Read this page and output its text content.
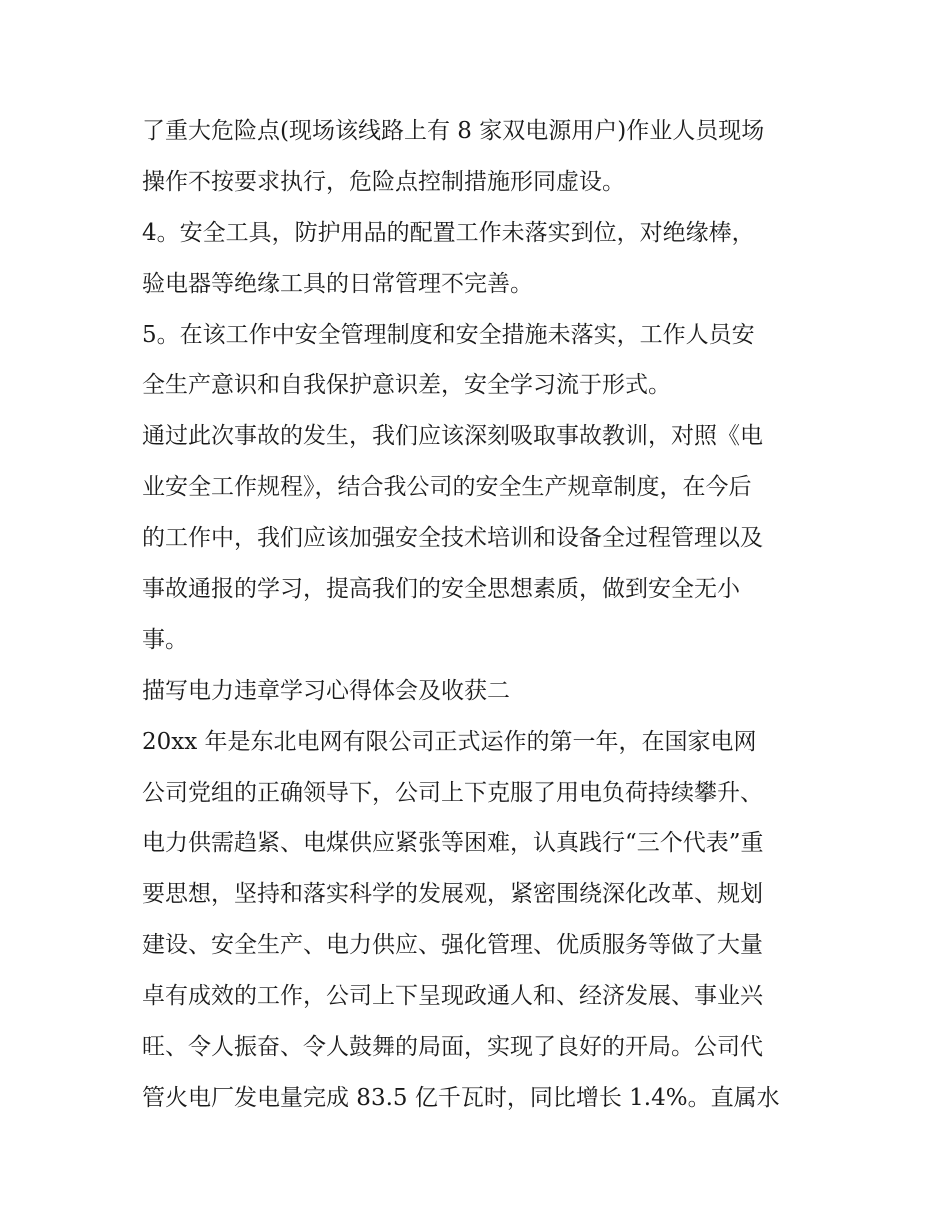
了重大危险点(现场该线路上有 8 家双电源用户)作业人员现场
操作不按要求执行，危险点控制措施形同虚设。
4。安全工具，防护用品的配置工作未落实到位，对绝缘棒，
验电器等绝缘工具的日常管理不完善。
5。在该工作中安全管理制度和安全措施未落实，工作人员安
全生产意识和自我保护意识差，安全学习流于形式。
通过此次事故的发生，我们应该深刻吸取事故教训，对照《电
业安全工作规程》，结合我公司的安全生产规章制度，在今后
的工作中，我们应该加强安全技术培训和设备全过程管理以及
事故通报的学习，提高我们的安全思想素质，做到安全无小
事。
描写电力违章学习心得体会及收获二
20xx 年是东北电网有限公司正式运作的第一年，在国家电网
公司党组的正确领导下，公司上下克服了用电负荷持续攀升、
电力供需趋紧、电煤供应紧张等困难，认真践行“三个代表”重
要思想，坚持和落实科学的发展观，紧密围绕深化改革、规划
建设、安全生产、电力供应、强化管理、优质服务等做了大量
卓有成效的工作，公司上下呈现政通人和、经济发展、事业兴
旺、令人振奋、令人鼓舞的局面，实现了良好的开局。公司代
管火电厂发电量完成 83.5 亿千瓦时，同比增长 1.4%。直属水
